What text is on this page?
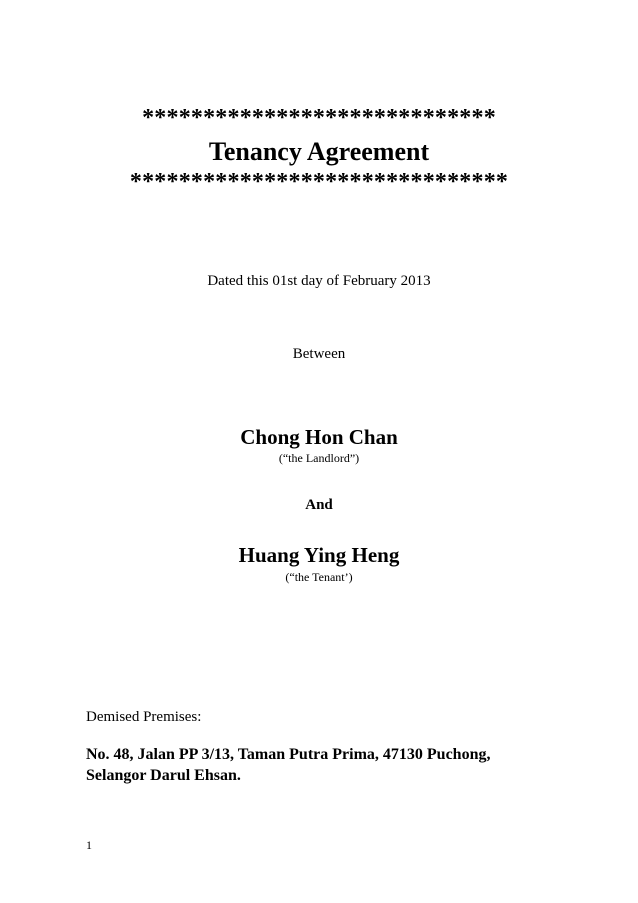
*****************************
Tenancy Agreement
*******************************
Dated this 01st day of February 2013
Between
Chong Hon Chan
(“the Landlord”)
And
Huang Ying Heng
(“the Tenant’)
Demised Premises:
No. 48, Jalan PP 3/13, Taman Putra Prima, 47130 Puchong,
Selangor Darul Ehsan.
1
